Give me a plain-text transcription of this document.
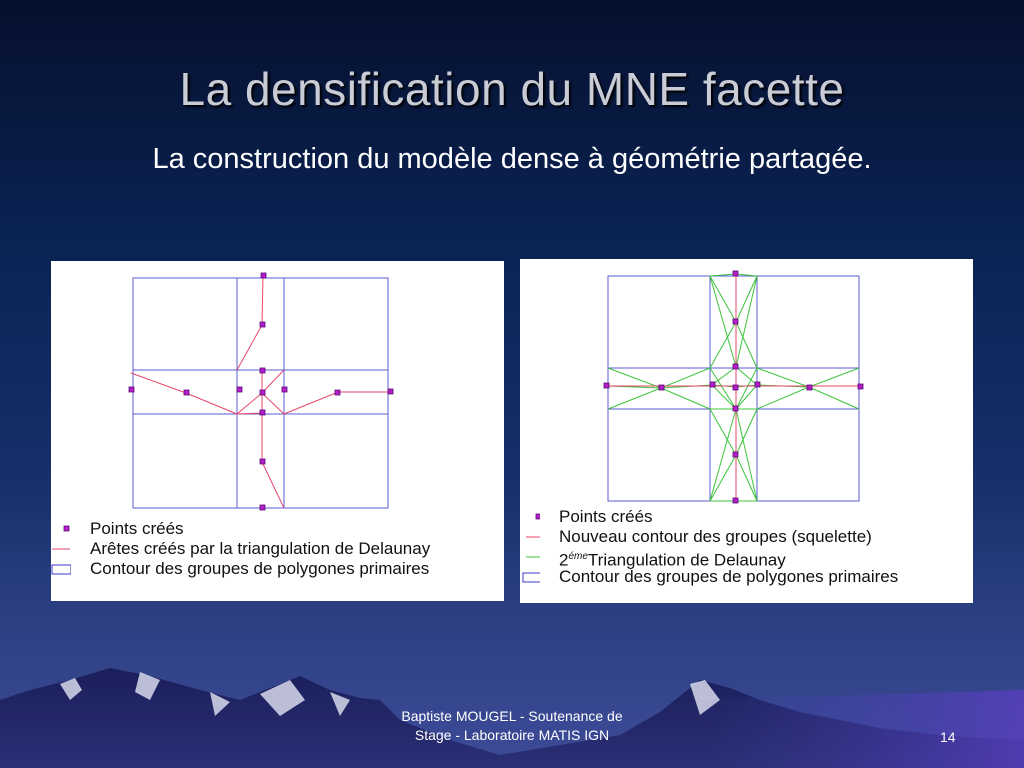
La densification du MNE facette
La construction du modèle dense à géométrie partagée.
Points créés
Arêtes créés par la triangulation de Delaunay
Contour des groupes de polygones primaires
Points créés
Nouveau contour des groupes (squelette)
$2^{éme}Triangulation$ de Delaunay
Contour des groupes de polygones primaires
Baptiste MOUGEL - Soutenance de
Stage - Laboratoire MATIS IGN	14
